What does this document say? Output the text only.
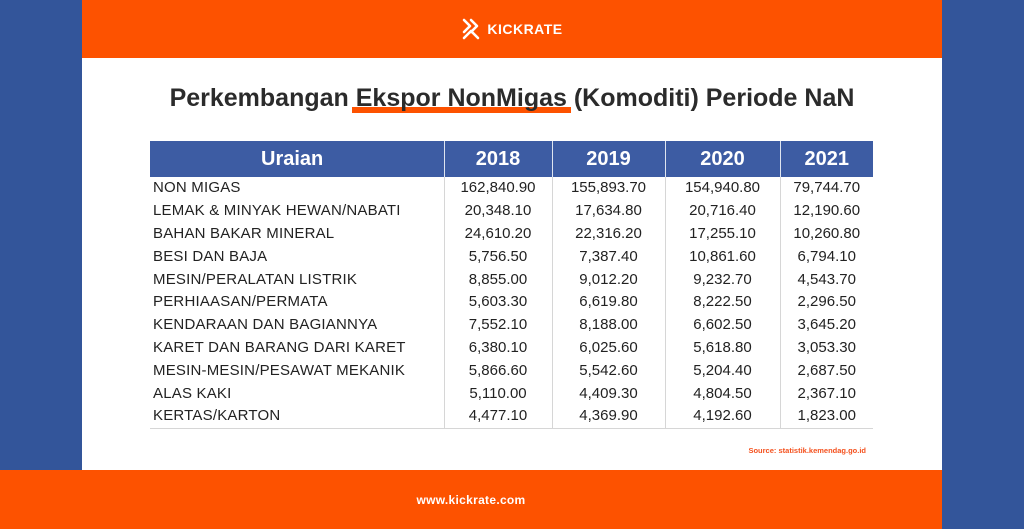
KICKRATE
Perkembangan
Ekspor NonMigas (Komoditi) Periode NaN
Uraian	2018	2019	2020	2021
NON MIGAS	162,840.90	155,893.70	154,940.80	79,744.70
LEMAK & MINYAK HEWAN/NABATI	20,348.10	17,634.80	20,716.40	12,190.60
BAHAN BAKAR MINERAL	24,610.20	22,316.20	17,255.10	10,260.80
BESI DAN BAJA	5,756.50	7,387.40	10,861.60	6,794.10
MESIN/PERALATAN LISTRIK	8,855.00	9,012.20	9,232.70	4,543.70
PERHIAASAN/PERMATA	5,603.30	6,619.80	8,222.50	2,296.50
KENDARAAN DAN BAGIANNYA	7,552.10	8,188.00	6,602.50	3,645.20
KARET DAN BARANG DARI KARET	6,380.10	6,025.60	5,618.80	3,053.30
MESIN-MESIN/PESAWAT MEKANIK	5,866.60	5,542.60	5,204.40	2,687.50
ALAS KAKI	5,110.00	4,409.30	4,804.50	2,367.10
KERTAS/KARTON	4,477.10	4,369.90	4,192.60	1,823.00
Source: statistik.kemendag.go.id
www.kickrate.com
